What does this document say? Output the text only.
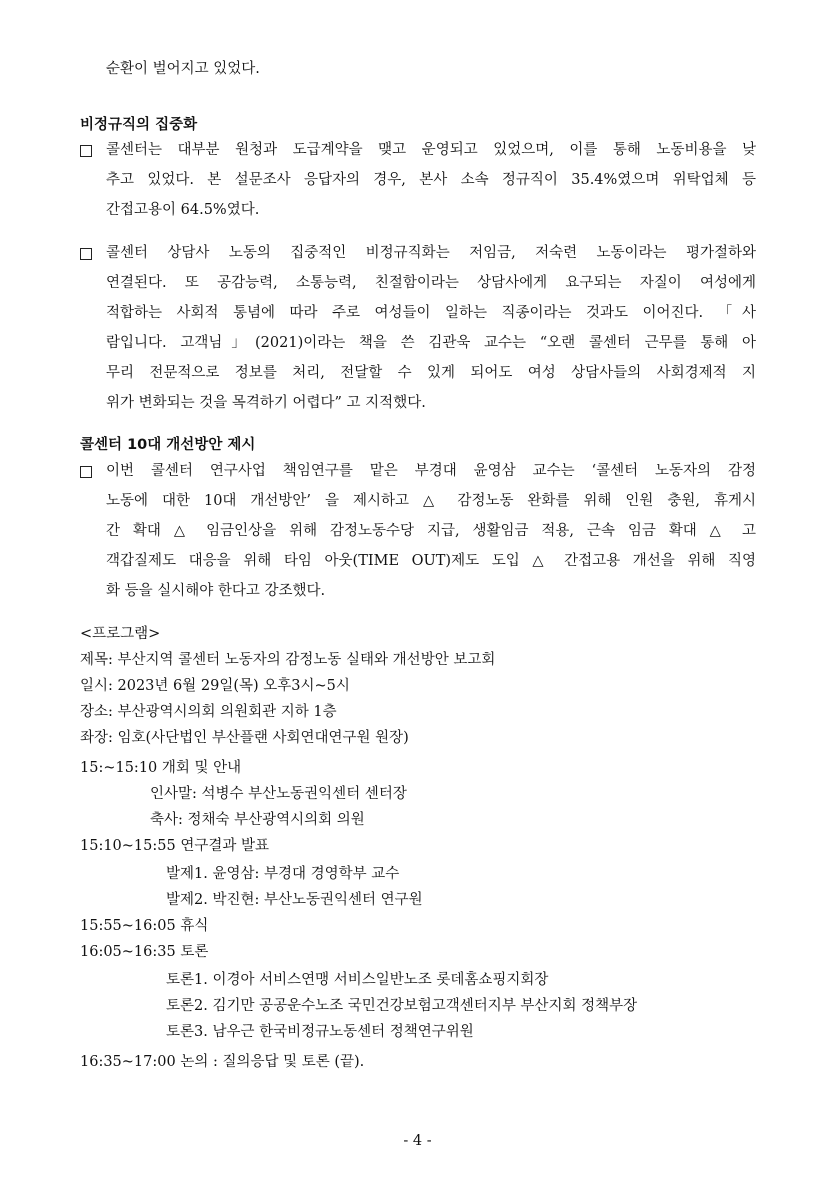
순환이 벌어지고 있었다.
비정규직의 집중화
콜센터는 대부분 원청과 도급계약을 맺고 운영되고 있었으며, 이를 통해 노동비용을 낮
추고 있었다. 본 설문조사 응답자의 경우, 본사 소속 정규직이 35.4%였으며 위탁업체 등
간접고용이 64.5%였다.
콜센터 상담사 노동의 집중적인 비정규직화는 저임금, 저숙련 노동이라는 평가절하와
연결된다. 또 공감능력, 소통능력, 친절함이라는 상담사에게 요구되는 자질이 여성에게
적합하는 사회적 통념에 따라 주로 여성들이 일하는 직종이라는 것과도 이어진다. 「사
람입니다. 고객님」(2021)이라는 책을 쓴 김관욱 교수는 “오랜 콜센터 근무를 통해 아
무리 전문적으로 정보를 처리, 전달할 수 있게 되어도 여성 상담사들의 사회경제적 지
위가 변화되는 것을 목격하기 어렵다” 고 지적했다.
콜센터 10대 개선방안 제시
이번 콜센터 연구사업 책임연구를 맡은 부경대 윤영삼 교수는 ‘콜센터 노동자의 감정
노동에 대한 10대 개선방안’ 을 제시하고 △ 감정노동 완화를 위해 인원 충원, 휴게시
간 확대 △ 임금인상을 위해 감정노동수당 지급, 생활임금 적용, 근속 임금 확대 △ 고
객갑질제도 대응을 위해 타임 아웃(TIME OUT)제도 도입 △ 간접고용 개선을 위해 직영
화 등을 실시해야 한다고 강조했다.
<프로그램>
제목: 부산지역 콜센터 노동자의 감정노동 실태와 개선방안 보고회
일시: 2023년 6월 29일(목) 오후3시~5시
장소: 부산광역시의회 의원회관 지하 1층
좌장: 임호(사단법인 부산플랜 사회연대연구원 원장)
15:~15:10 개회 및 안내
인사말: 석병수 부산노동권익센터 센터장
축사: 정채숙 부산광역시의회 의원
15:10~15:55 연구결과 발표
발제1. 윤영삼: 부경대 경영학부 교수
발제2. 박진현: 부산노동권익센터 연구원
15:55~16:05 휴식
16:05~16:35 토론
토론1. 이경아 서비스연맹 서비스일반노조 롯데홈쇼핑지회장
토론2. 김기만 공공운수노조 국민건강보험고객센터지부 부산지회 정책부장
토론3. 남우근 한국비정규노동센터 정책연구위원
16:35~17:00 논의 : 질의응답 및 토론 (끝).
- 4 -
